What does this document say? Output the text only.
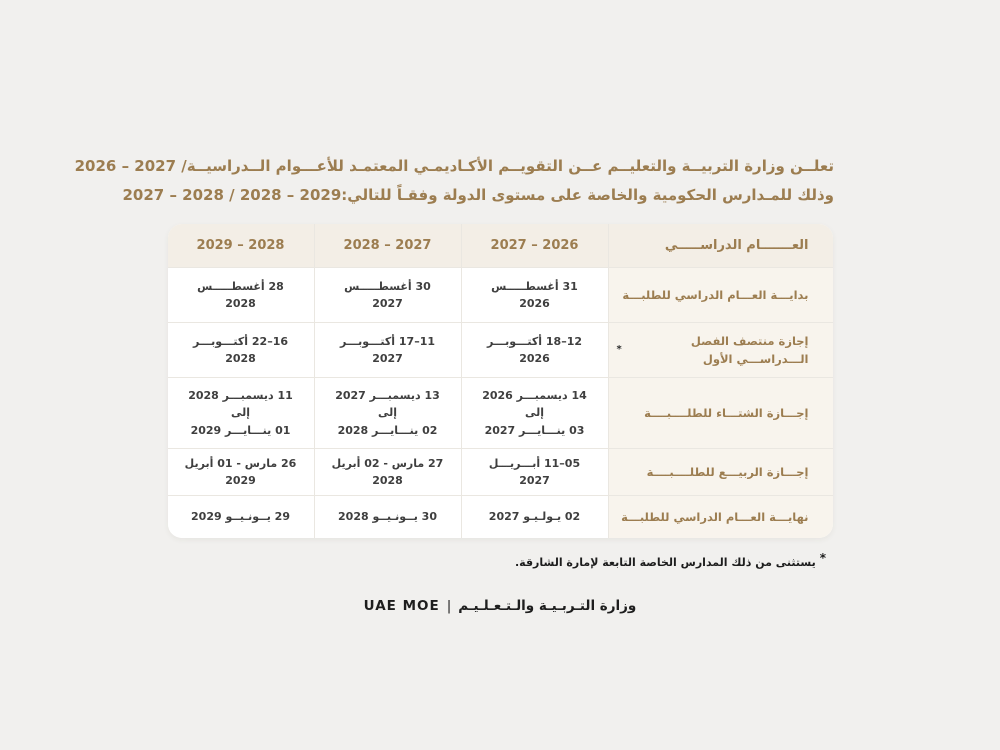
تعلــن وزارة التربيــة والتعليــم عــن التقويــم الأكـاديمـي المعتمـد للأعـــوام الــدراسيــة
2026 – 2027 /
وذلك للمـدارس الحكومية والخاصة على مستوى الدولة وفقـاً للتالي:
2027 – 2028 / 2028 – 2029
العـــــــام الدراســـــي
2026 – 2027
2027 – 2028
2028 – 2029
بدايـــة العـــام الدراسي للطلبـــة
31 أغسطـــــس
2026
30 أغسطـــــس
2027
28 أغسطـــــس
2028
إجازة منتصف الفصل الـــدراســـي الأول
*
12–18 أكتـــوبـــر
2026
11–17 أكتـــوبـــر
2027
16–22 أكتـــوبـــر
2028
إجـــازة الشتـــاء للطلــــبــــة
14 ديسمبـــر 2026
إلى
03 ينـــايـــر 2027
13 ديسمبـــر 2027
إلى
02 ينـــايـــر 2028
11 ديسمبـــر 2028
إلى
01 ينـــايـــر 2029
إجـــازة الربيـــع للطلــــبــــة
05–11 أبـــريـــل
2027
27 مارس - 02 أبريل
2028
26 مارس - 01 أبريل
2029
نهايـــة العـــام الدراسي للطلبـــة
02 يـولـيـو 2027
30 يــونـيــو 2028
29 يــونـيــو 2029
*يستثنى من ذلك المدارس الخاصة التابعة لإمارة الشارقة.
وزارة التـربـيـة والـتـعـلـيـم|UAE MOE
